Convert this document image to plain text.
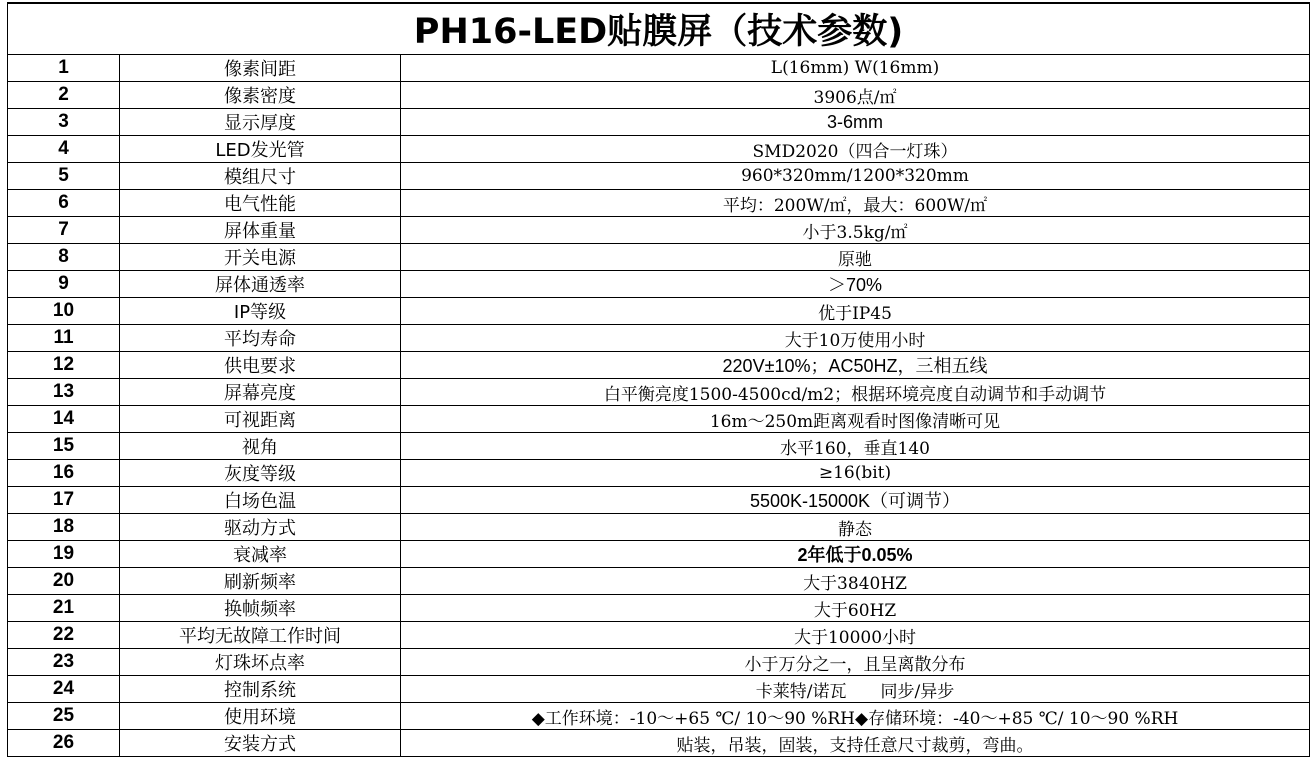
PH16-LED贴膜屏（技术参数)		
1	像素间距	L(16mm) W(16mm)
2	像素密度	3906点/㎡
3	显示厚度	3-6mm
4	LED发光管	SMD2020（四合一灯珠）
5	模组尺寸	960*320mm/1200*320mm
6	电气性能	平均：200W/㎡，最大：600W/㎡
7	屏体重量	小于3.5kg/㎡
8	开关电源	原驰
9	屏体通透率	＞70%
10	IP等级	优于IP45
11	平均寿命	大于10万使用小时
12	供电要求	220V±10%；AC50HZ，三相五线
13	屏幕亮度	白平衡亮度1500-4500cd/m2；根据环境亮度自动调节和手动调节
14	可视距离	16m～250m距离观看时图像清晰可见
15	视角	水平160，垂直140
16	灰度等级	≥16(bit)
17	白场色温	5500K-15000K（可调节）
18	驱动方式	静态
19	衰减率	2年低于0.05%
20	刷新频率	大于3840HZ
21	换帧频率	大于60HZ
22	平均无故障工作时间	大于10000小时
23	灯珠坏点率	小于万分之一，且呈离散分布
24	控制系统	卡莱特/诺瓦　　同步/异步
25	使用环境	◆工作环境：-10～+65 ℃/ 10～90 %RH◆存储环境：-40～+85 ℃/ 10～90 %RH
26	安装方式	贴装，吊装，固装，支持任意尺寸裁剪，弯曲。
